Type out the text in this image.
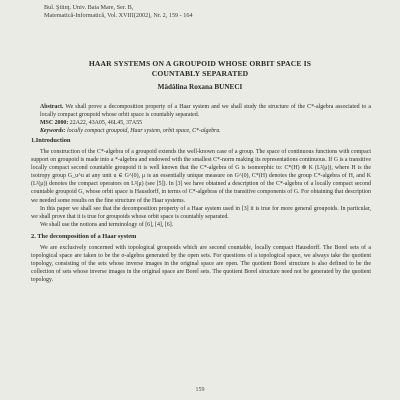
Bul. Ştiinţ. Univ. Baia Mare, Ser. B,
Matematică-Informatică, Vol. XVIII(2002), Nr. 2, 159 - 164
HAAR SYSTEMS ON A GROUPOID WHOSE ORBIT SPACE IS
COUNTABLY SEPARATED
Mădălina Roxana BUNECI

Abstract. We shall prove a decomposition property of a Haar system and we shall study the structure of the C*-algebra associated to a locally compact groupoid whose orbit space is countably separated.

MSC 2000: 22A22, 43A05, 46L45, 37A55

Keywords: locally compact groupoid, Haar system, orbit space, C*-algebra.

1.Introduction

The construction of the C*-algebra of a groupoid extends the well-known case of a group. The space of continuous functions with compact support on groupoid is made into a *-algebra and endowed with the smallest C*-norm making its representations continuous. If G is a transitive locally compact second countable groupoid it is well known that the C*-algebra of G is isomorphic to: C*(H) ⊗ K (L²(μ)), where H is the isotropy group G_u^u at any unit u ∈ G^(0), μ is an essentially unique measure on G^(0), C*(H) denotes the group C*-algebra of H, and K (L²(μ)) denotes the compact operators on L²(μ) (see [5]). In [3] we have obtained a description of the C*-algebra of a locally compact second countable groupoid G, whose orbit space is Hausdorff, in terms of C*-algebras of the transitive components of G. For obtaining that description we needed some results on the fine structure of the Haar systems.

In this paper we shall see that the decomposition property of a Haar system used in [3] it is true for more general groupoids. In particular, we shall prove that it is true for groupoids whose orbit space is countably separated.

We shall use the notions and terminology of [6], [4], [6].

2. The decomposition of a Haar system

We are exclusively concerned with topological groupoids which are second countable, locally compact Hausdorff. The Borel sets of a topological space are taken to be the σ-algebra generated by the open sets. For questions of a topological space, we always take the quotient topology, consisting of the sets whose inverse images in the original space are open. The quotient Borel structure is also defined to be the collection of sets whose inverse images in the original space are Borel sets. The quotient Borel structure need not be generated by the quotient topology.

159
